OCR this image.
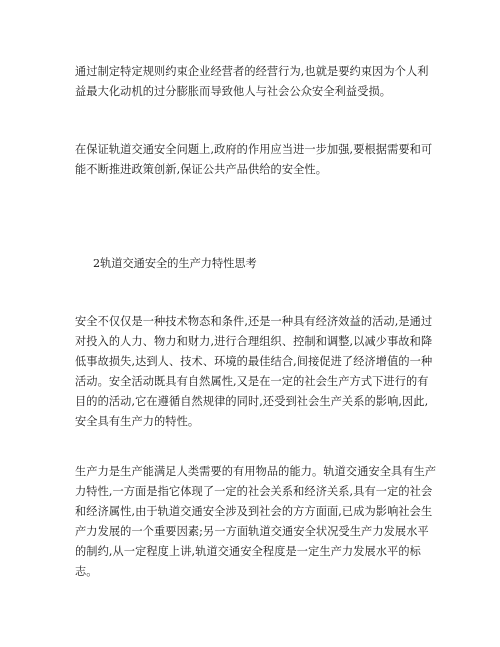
通过制定特定规则约束企业经营者的经营行为,也就是要约束因为个人利益最大化动机的过分膨胀而导致他人与社会公众安全利益受损。

在保证轨道交通安全问题上,政府的作用应当进一步加强,要根据需要和可能不断推进政策创新,保证公共产品供给的安全性。

2轨道交通安全的生产力特性思考

安全不仅仅是一种技术物态和条件,还是一种具有经济效益的活动,是通过对投入的人力、物力和财力,进行合理组织、控制和调整,以减少事故和降低事故损失,达到人、技术、环境的最佳结合,间接促进了经济增值的一种活动。安全活动既具有自然属性,又是在一定的社会生产方式下进行的有目的的活动,它在遵循自然规律的同时,还受到社会生产关系的影响,因此,安全具有生产力的特性。

生产力是生产能满足人类需要的有用物品的能力。轨道交通安全具有生产力特性,一方面是指它体现了一定的社会关系和经济关系,具有一定的社会和经济属性,由于轨道交通安全涉及到社会的方方面面,已成为影响社会生产力发展的一个重要因素;另一方面轨道交通安全状况受生产力发展水平的制约,从一定程度上讲,轨道交通安全程度是一定生产力发展水平的标志。
